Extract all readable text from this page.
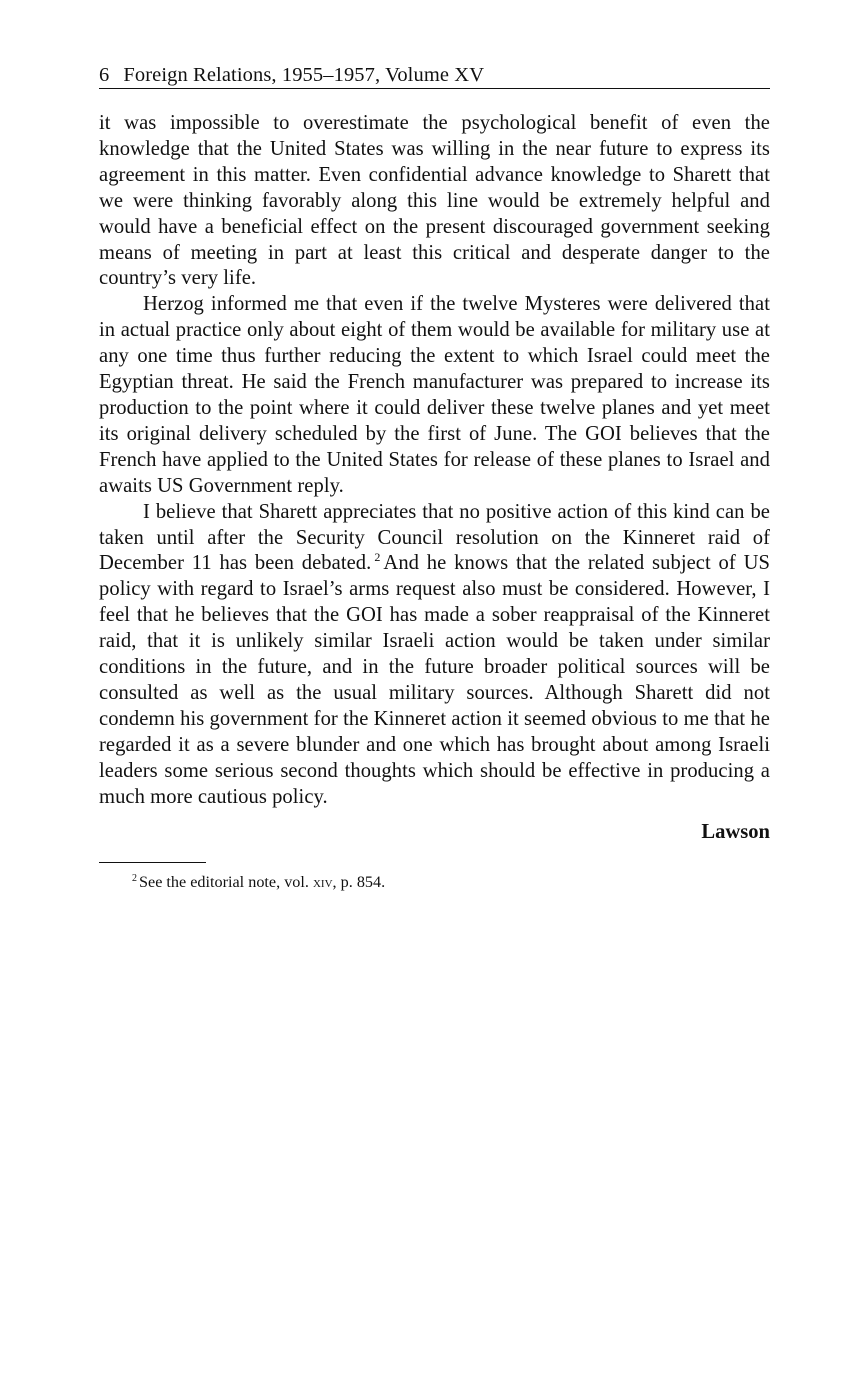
6 Foreign Relations, 1955–1957, Volume XV

it was impossible to overestimate the psychological benefit of even the knowledge that the United States was willing in the near future to express its agreement in this matter. Even confidential advance knowledge to Sharett that we were thinking favorably along this line would be extremely helpful and would have a beneficial effect on the present discouraged government seeking means of meeting in part at least this critical and desperate danger to the country’s very life.

Herzog informed me that even if the twelve Mysteres were delivered that in actual practice only about eight of them would be available for military use at any one time thus further reducing the extent to which Israel could meet the Egyptian threat. He said the French manufacturer was prepared to increase its production to the point where it could deliver these twelve planes and yet meet its original delivery scheduled by the first of June. The GOI believes that the French have applied to the United States for release of these planes to Israel and awaits US Government reply.

I believe that Sharett appreciates that no positive action of this kind can be taken until after the Security Council resolution on the Kinneret raid of December 11 has been debated. $^2$ And he knows that the related subject of US policy with regard to Israel’s arms request also must be considered. However, I feel that he believes that the GOI has made a sober reappraisal of the Kinneret raid, that it is unlikely similar Israeli action would be taken under similar conditions in the future, and in the future broader political sources will be consulted as well as the usual military sources. Although Sharett did not condemn his government for the Kinneret action it seemed obvious to me that he regarded it as a severe blunder and one which has brought about among Israeli leaders some serious second thoughts which should be effective in producing a much more cautious policy.

Lawson
$^2$ See the editorial note, vol. xiv, p. 854.
